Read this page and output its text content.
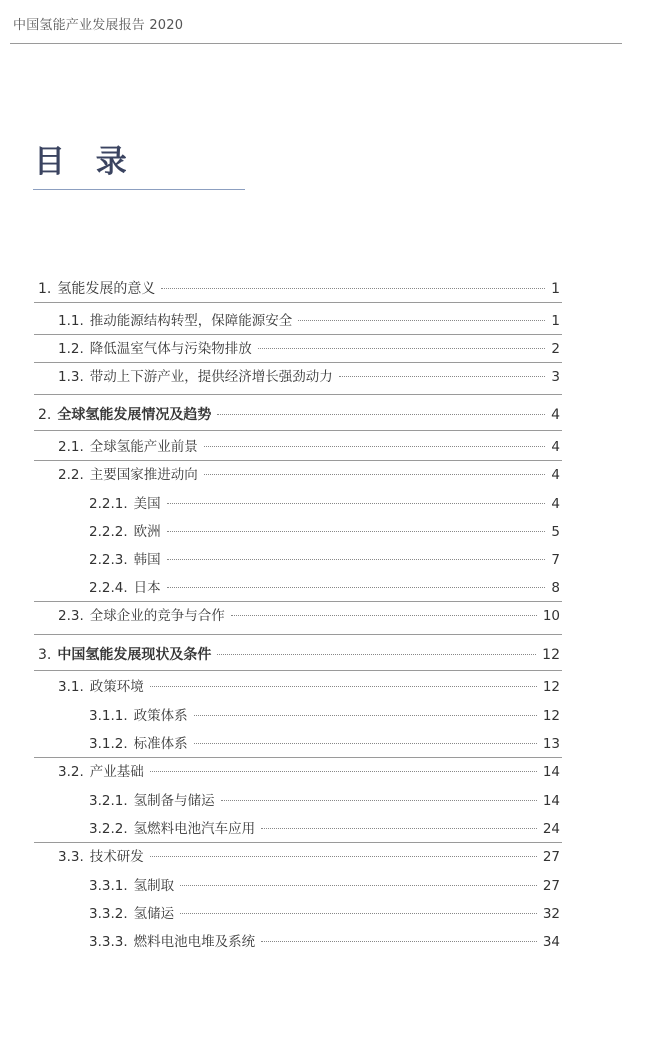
中国氢能产业发展报告 2020
目 录
1. 氢能发展的意义	1
1.1. 推动能源结构转型，保障能源安全	1
1.2. 降低温室气体与污染物排放	2
1.3. 带动上下游产业，提供经济增长强劲动力	3
2. 全球氢能发展情况及趋势	4
2.1. 全球氢能产业前景	4
2.2. 主要国家推进动向	4
2.2.1. 美国	4
2.2.2. 欧洲	5
2.2.3. 韩国	7
2.2.4. 日本	8
2.3. 全球企业的竞争与合作	10
3. 中国氢能发展现状及条件	12
3.1. 政策环境	12
3.1.1. 政策体系	12
3.1.2. 标准体系	13
3.2. 产业基础	14
3.2.1. 氢制备与储运	14
3.2.2. 氢燃料电池汽车应用	24
3.3. 技术研发	27
3.3.1. 氢制取	27
3.3.2. 氢储运	32
3.3.3. 燃料电池电堆及系统	34
